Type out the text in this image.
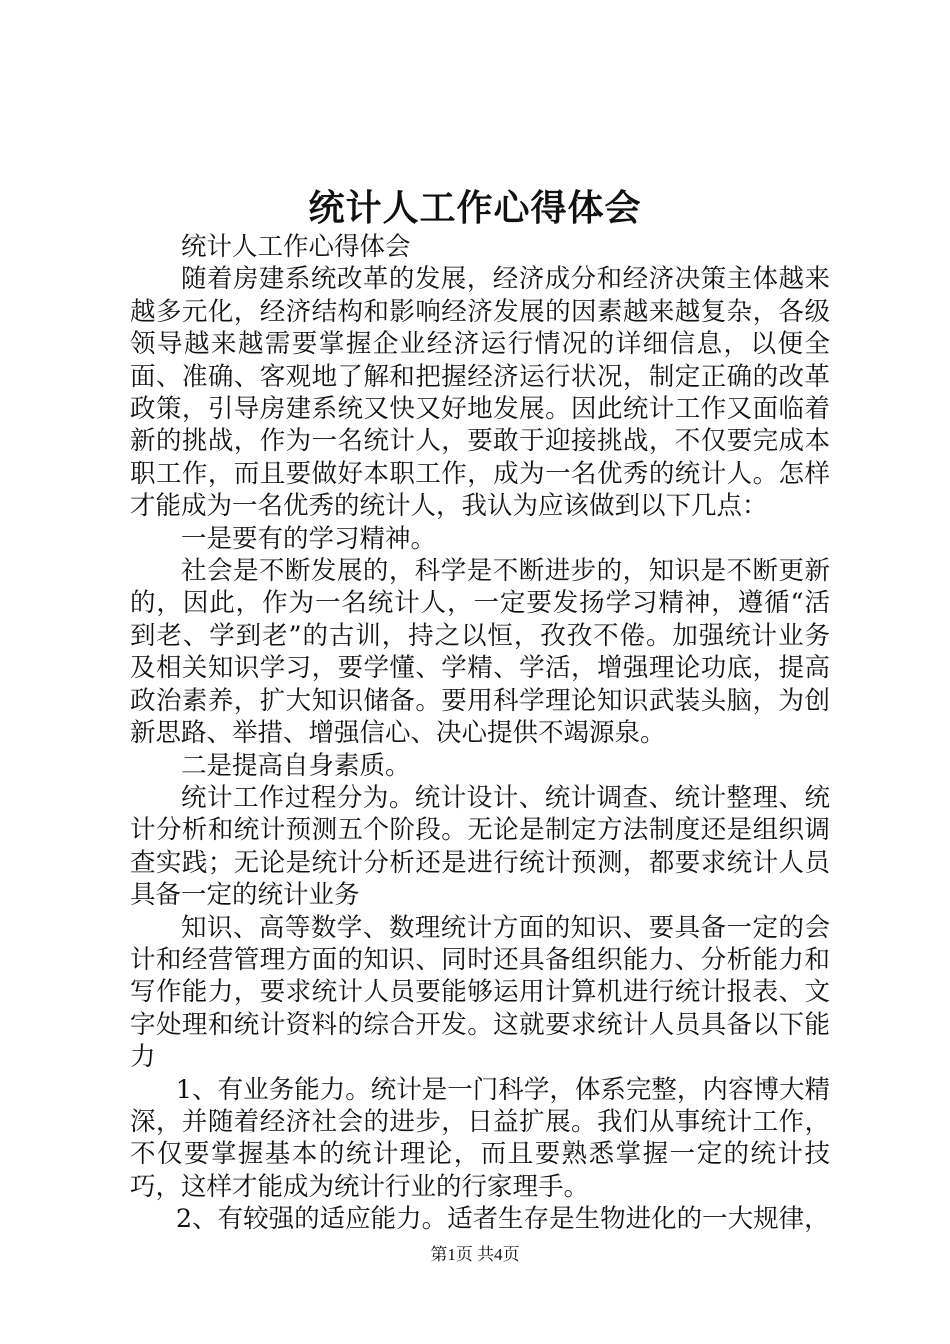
统计人工作心得体会

统计人工作心得体会

随着房建系统改革的发展，经济成分和经济决策主体越来越多元化，经济结构和影响经济发展的因素越来越复杂，各级领导越来越需要掌握企业经济运行情况的详细信息，以便全面、准确、客观地了解和把握经济运行状况，制定正确的改革政策，引导房建系统又快又好地发展。因此统计工作又面临着新的挑战，作为一名统计人，要敢于迎接挑战，不仅要完成本职工作，而且要做好本职工作，成为一名优秀的统计人。怎样才能成为一名优秀的统计人，我认为应该做到以下几点：

一是要有的学习精神。

社会是不断发展的，科学是不断进步的，知识是不断更新的，因此，作为一名统计人，一定要发扬学习精神，遵循“活到老、学到老”的古训，持之以恒，孜孜不倦。加强统计业务及相关知识学习，要学懂、学精、学活，增强理论功底，提高政治素养，扩大知识储备。要用科学理论知识武装头脑，为创新思路、举措、增强信心、决心提供不竭源泉。

二是提高自身素质。

统计工作过程分为。统计设计、统计调查、统计整理、统计分析和统计预测五个阶段。无论是制定方法制度还是组织调查实践；无论是统计分析还是进行统计预测，都要求统计人员具备一定的统计业务

知识、高等数学、数理统计方面的知识、要具备一定的会计和经营管理方面的知识、同时还具备组织能力、分析能力和写作能力，要求统计人员要能够运用计算机进行统计报表、文字处理和统计资料的综合开发。这就要求统计人员具备以下能力

1、有业务能力。统计是一门科学，体系完整，内容博大精深，并随着经济社会的进步，日益扩展。我们从事统计工作，不仅要掌握基本的统计理论，而且要熟悉掌握一定的统计技巧，这样才能成为统计行业的行家理手。

2、有较强的适应能力。适者生存是生物进化的一大规律，

第1页 共4页
